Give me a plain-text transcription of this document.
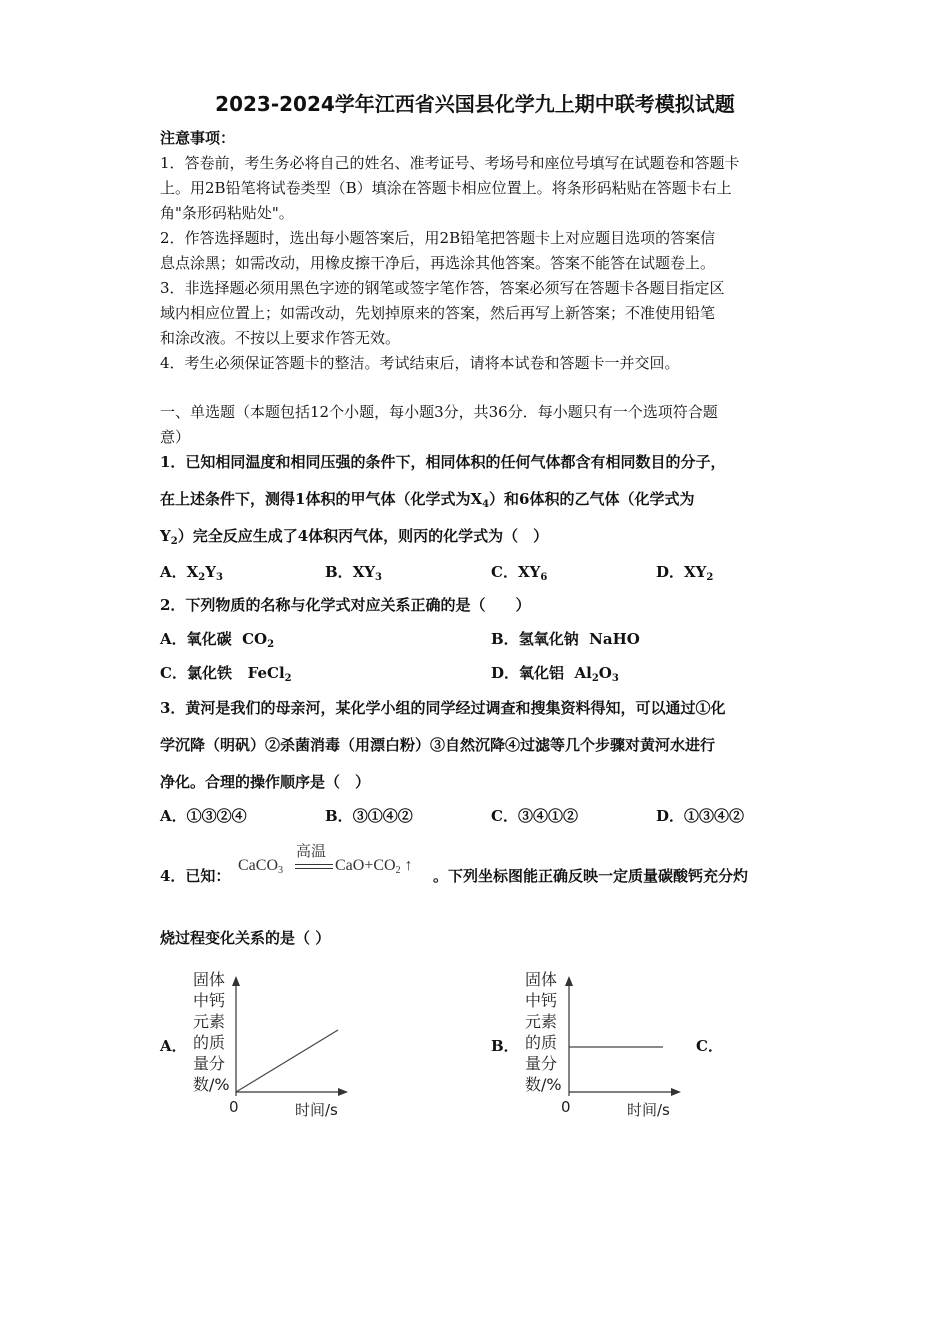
2023-2024学年江西省兴国县化学九上期中联考模拟试题
注意事项：
1．答卷前，考生务必将自己的姓名、准考证号、考场号和座位号填写在试题卷和答题卡
上。用2B铅笔将试卷类型（B）填涂在答题卡相应位置上。将条形码粘贴在答题卡右上
角"条形码粘贴处"。
2．作答选择题时，选出每小题答案后，用2B铅笔把答题卡上对应题目选项的答案信
息点涂黑；如需改动，用橡皮擦干净后，再选涂其他答案。答案不能答在试题卷上。
3．非选择题必须用黑色字迹的钢笔或签字笔作答，答案必须写在答题卡各题目指定区
域内相应位置上；如需改动，先划掉原来的答案，然后再写上新答案；不准使用铅笔
和涂改液。不按以上要求作答无效。
4．考生必须保证答题卡的整洁。考试结束后，请将本试卷和答题卡一并交回。
一、单选题（本题包括12个小题，每小题3分，共36分．每小题只有一个选项符合题
意）
1．已知相同温度和相同压强的条件下，相同体积的任何气体都含有相同数目的分子，
在上述条件下，测得1体积的甲气体（化学式为$X_4$）和6体积的乙气体（化学式为
$Y_2$）完全反应生成了4体积丙气体，则丙的化学式为（　）
A．$X_2Y_3$	B．$XY_3$	C．$XY_6$	D．$XY_2$
2．下列物质的名称与化学式对应关系正确的是（　　）
A．氧化碳 $CO_2$	B．氢氧化钠 NaHO
C．氯化铁 FeCl$_2$	D．氧化铝 $Al_2O_3$
3．黄河是我们的母亲河，某化学小组的同学经过调查和搜集资料得知，可以通过①化
学沉降（明矾）②杀菌消毒（用漂白粉）③自然沉降④过滤等几个步骤对黄河水进行
净化。合理的操作顺序是（　）
A．①③②④	B．③①④②	C．③④①②	D．①③④②
4．已知：
CaCO$_3$
高温
$CaO+CO_2$ ↑
。下列坐标图能正确反映一定质量碳酸钙充分灼
烧过程变化关系的是（ ）
A．
固体中钙元素的质量分数/%
0	时间/s
B．
固体中钙元素的质量分数/%
0	时间/s
C．
